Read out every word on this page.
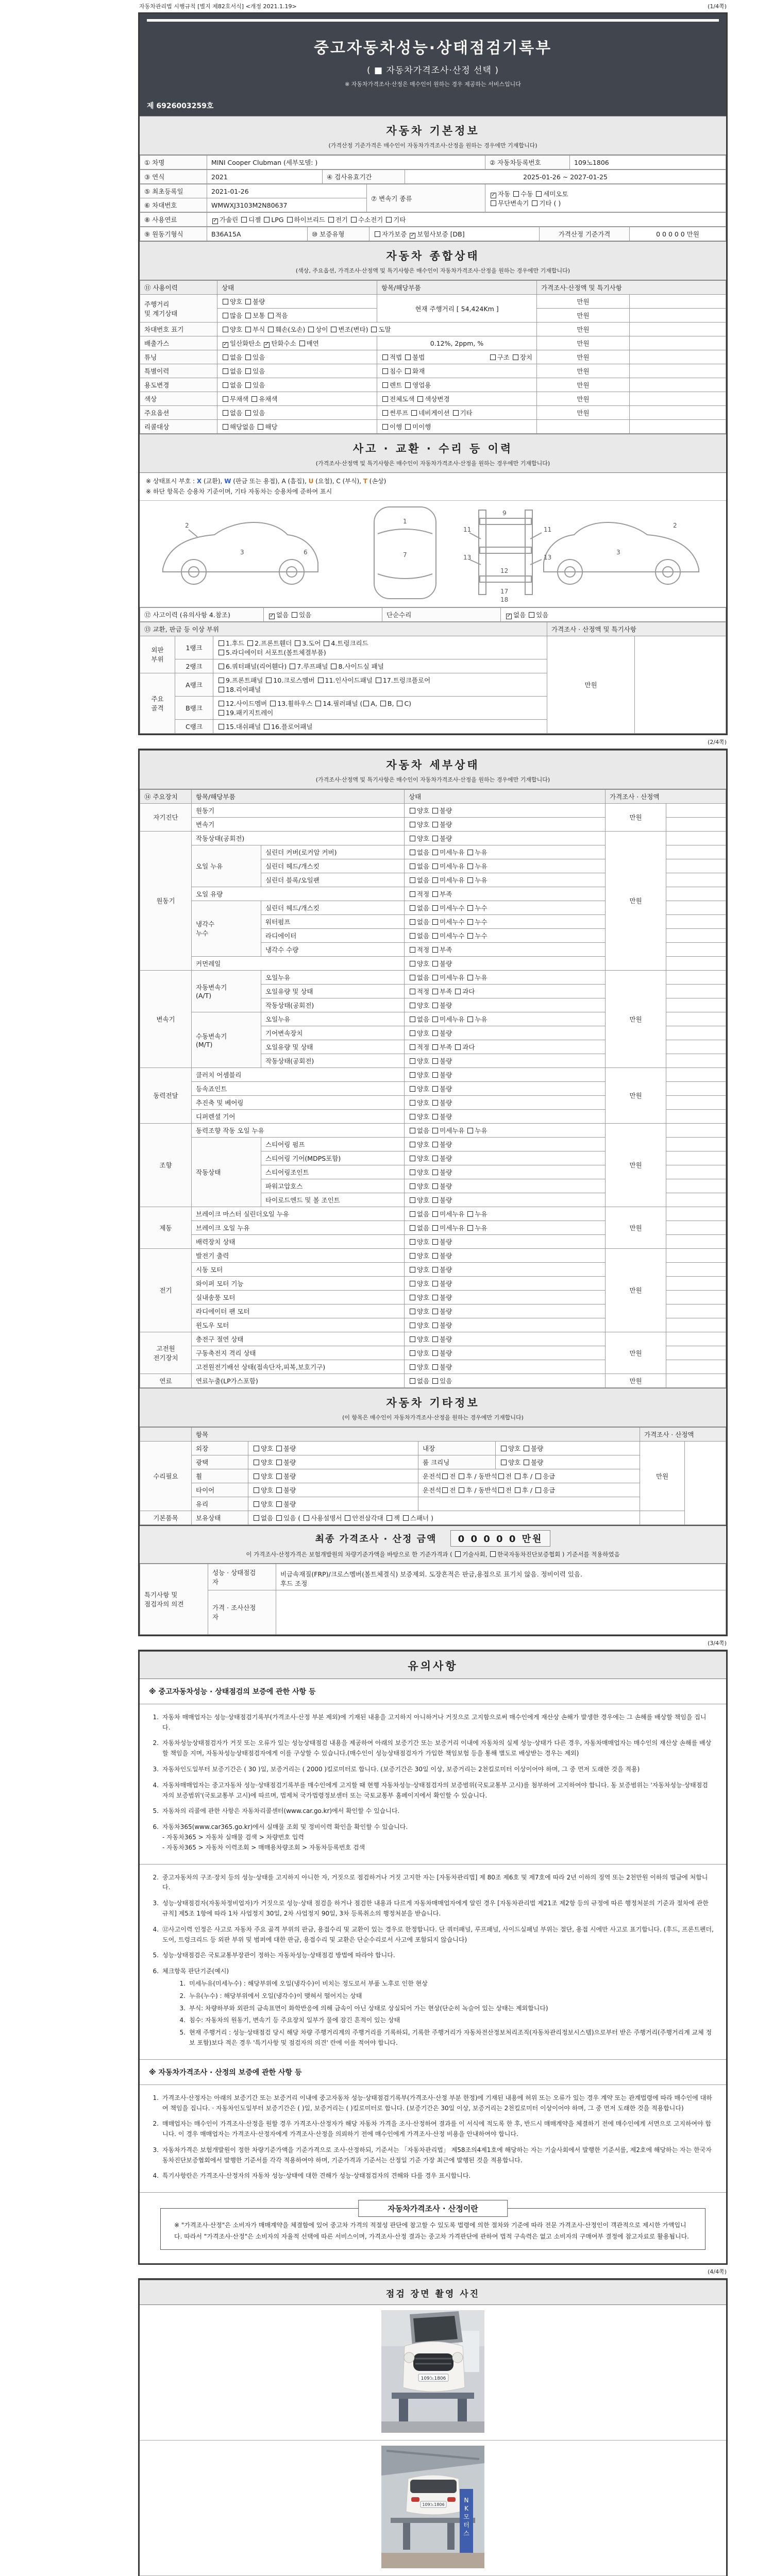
자동차관리법 시행규칙 [별지 제82호서식] <개정 2021.1.19>	(1/4쪽)
중고자동차성능·상태점검기록부
( ■ 자동차가격조사·산정 선택 )
※ 자동차가격조사·산정은 매수인이 원하는 경우 제공하는 서비스입니다
제 6926003259호
자동차 기본정보
(가격산정 기준가격은 매수인이 자동차가격조사·산정을 원하는 경우에만 기재합니다)
① 차명	MINI Cooper Clubman (세부모델: )	② 자동차등록번호	109노1806
③ 연식	2021	④ 검사유효기간	2025-01-26 ~ 2027-01-25
⑤ 최초등록일	2021-01-26	⑦ 변속기 종류	✓자동 수동 세미오토
무단변속기 기타 ( )
⑥ 차대번호	WMWXJ3103M2N80637		
⑧ 사용연료	✓가솔린 디젤 LPG 하이브리드 전기 수소전기 기타
⑨ 원동기형식	B36A15A	⑩ 보증유형	자가보증 ✓보험사보증 [DB]	가격산정 기준가격	0 0 0 0 0 만원
자동차 종합상태
(색상, 주요옵션, 가격조사·산정액 및 특기사항은 매수인이 자동차가격조사·산정을 원하는 경우에만 기재합니다)
⑪ 사용이력	상태	항목/해당부품	가격조사·산정액 및 특기사항	
주행거리
및 계기상태	양호 불량	현재 주행거리 [ 54,424Km ]	만원	
	많음 보통 적음		만원	
차대번호 표기	양호 부식 훼손(오손) 상이 변조(변타) 도말		만원	
배출가스	✓일산화탄소 ✓탄화수소 매연	0.12%, 2ppm, %	만원	
튜닝	없음 있음	적법 불법 구조 장치	만원	
특별이력	없음 있음	침수 화재	만원	
용도변경	없음 있음	렌트 영업용	만원	
색상	무채색 유채색	전체도색 색상변경	만원	
주요옵션	없음 있음	썬루프 네비게이션 기타	만원	
리콜대상	해당없음 해당	이행 미이행		
사고 · 교환 · 수리 등 이력
(가격조사·산정액 및 특기사항은 매수인이 자동차가격조사·산정을 원하는 경우에만 기재합니다)
※ 상태표시 부호 : X (교환), W (판금 또는 용접), A (흠집), U (요철), C (부식), T (손상)
※ 하단 항목은 승용차 기준이며, 기타 자동차는 승용차에 준하여 표시
2
3	6
1
7
9
11	11
13	13
12
17
18
2
3
⑫ 사고이력 (유의사항 4.참조)	✓없음 있음	단순수리	✓없음 있음
⑬ 교환, 판금 등 이상 부위			가격조사 · 산정액 및 특기사항	
외판
부위	1랭크	1.후드 2.프론트휀더 3.도어 4.트렁크리드
5.라디에이터 서포트(볼트체결부품)	만원	
	2랭크	6.쿼터패널(리어휀다) 7.루프패널 8.사이드실 패널		
주요
골격	A랭크	9.프론트패널 10.크로스멤버 11.인사이드패널 17.트렁크플로어
18.리어패널		
	B랭크	12.사이드멤버 13.휠하우스 14.필러패널 ( A, B, C)
19.패키지트레이		
	C랭크	15.대쉬패널 16.플로어패널		
(2/4쪽)
자동차 세부상태
(가격조사·산정액 및 특기사항은 매수인이 자동차가격조사·산정을 원하는 경우에만 기재합니다)
⑭ 주요장치	항목/해당부품		상태	가격조사 · 산정액	
자기진단	원동기		양호 불량	만원	
	변속기		양호 불량		
원동기	작동상태(공회전)		양호 불량	만원	
	오일 누유	실린더 커버(로커암 커버)	없음 미세누유 누유		
		실린더 헤드/개스킷	없음 미세누유 누유		
		실린더 블록/오일팬	없음 미세누유 누유		
	오일 유량		적정 부족		
	냉각수
누수	실린더 헤드/개스킷	없음 미세누수 누수		
		워터펌프	없음 미세누수 누수		
		라디에이터	없음 미세누수 누수		
		냉각수 수량	적정 부족		
	커먼레일		양호 불량		
변속기	자동변속기
(A/T)	오일누유	없음 미세누유 누유	만원	
		오일유량 및 상태	적정 부족 과다		
		작동상태(공회전)	양호 불량		
	수동변속기
(M/T)	오일누유	없음 미세누유 누유		
		기어변속장치	양호 불량		
		오일유량 및 상태	적정 부족 과다		
		작동상태(공회전)	양호 불량		
동력전달	클러치 어셈블리		양호 불량	만원	
	등속죠인트		양호 불량		
	추진축 및 베어링		양호 불량		
	디퍼렌셜 기어		양호 불량		
조향	동력조향 작동 오일 누유		없음 미세누유 누유	만원	
	작동상태	스티어링 펌프	양호 불량		
		스티어링 기어(MDPS포함)	양호 불량		
		스티어링조인트	양호 불량		
		파워고압호스	양호 불량		
		타이로드엔드 및 볼 조인트	양호 불량		
제동	브레이크 마스터 실린더오일 누유		없음 미세누유 누유	만원	
	브레이크 오일 누유		없음 미세누유 누유		
	배력장치 상태		양호 불량		
전기	발전기 출력		양호 불량	만원	
	시동 모터		양호 불량		
	와이퍼 모터 기능		양호 불량		
	실내송풍 모터		양호 불량		
	라디에이터 팬 모터		양호 불량		
	윈도우 모터		양호 불량		
고전원
전기장치	충전구 절연 상태		양호 불량	만원	
	구동축전지 격리 상태		양호 불량		
	고전원전기배선 상태(접속단자,피복,보호기구)		양호 불량		
연료	연료누출(LP가스포함)		없음 있음	만원	
자동차 기타정보
(이 항목은 매수인이 자동차가격조사·산정을 원하는 경우에만 기재합니다)
	항목				가격조사 · 산정액	
수리필요	외장	양호 불량	내장	양호 불량	만원	
	광택	양호 불량	룸 크리닝	양호 불량		
	휠	양호 불량	운전석 전 후 / 동반석 전 후 / 응급			
	타이어	양호 불량	운전석 전 후 / 동반석 전 후 / 응급			
	유리	양호 불량				
기본품목	보유상태	없음 있음 ( 사용설명서 안전삼각대 잭 스패너 )				
최종 가격조사 · 산정 금액 0 0 0 0 0 만원
이 가격조사·산정가격은 보험개발원의 차량기준가액을 바탕으로 한 기준가격과 ( 기술사회, 한국자동차진단보증협회 ) 기준서를 적용하였음
특기사항 및
점검자의 의견	성능 · 상태점검
자	비금속재질(FRP)/크로스멤버(볼트체결식) 보증제외. 도장흔적은 판금,용접으로 표기치 않음. 정비이력 있음.
후드 조정
	가격 · 조사산정
자	
(3/4쪽)
유의사항
※ 중고자동차성능 · 상태점검의 보증에 관한 사항 등
1. 자동차 매매업자는 성능·상태점검기록부(가격조사·산정 부분 제외)에 기재된 내용을 고지하지 아니하거나 거짓으로 고지함으로써 매수인에게 재산상 손해가 발생한 경우에는 그 손해를 배상할 책임을 집니다.
2. 자동차성능상태점검자가 거짓 또는 오류가 있는 성능상태점검 내용을 제공하여 아래의 보증기간 또는 보증거리 이내에 자동차의 실제 성능·상태가 다른 경우, 자동차매매업자는 매수인의 재산상 손해를 배상할 책임을 지며, 자동차성능상태점검자에게 이를 구상할 수 있습니다.(매수인이 성능상태점검자가 가입한 책임보험 등을 통해 별도로 배상받는 경우는 제외)
3. 자동차인도일부터 보증기간은 ( 30 )일, 보증거리는 ( 2000 )킬로미터로 합니다. (보증기간은 30일 이상, 보증거리는 2천킬로미터 이상이어야 하며, 그 중 먼저 도래한 것을 적용)
4. 자동차매매업자는 중고자동차 성능·상태점검기록부를 매수인에게 고지할 때 현행 자동차성능·상태점검자의 보증범위(국토교통부 고시)를 첨부하여 고지하여야 합니다. 동 보증범위는 '자동차성능·상태점검자의 보증범위'(국토교통부 고시)에 따르며, 법제처 국가법령정보센터 또는 국토교통부 홈페이지에서 확인할 수 있습니다.
5. 자동차의 리콜에 관한 사항은 자동차리콜센터(www.car.go.kr)에서 확인할 수 있습니다.
6. 자동차365(www.car365.go.kr)에서 실매물 조회 및 정비이력 확인을 확인할 수 있습니다.
- 자동차365 > 자동차 실매물 검색 > 차량번호 입력
- 자동차365 > 자동차 이력조회 > 매매용차량조회 > 자동차등록번호 검색
2. 중고자동차의 구조·장치 등의 성능·상태를 고지하지 아니한 자, 거짓으로 점검하거나 거짓 고지한 자는 [자동차관리법] 제 80조 제6호 및 제7호에 따라 2년 이하의 징역 또는 2천만원 이하의 벌금에 처합니다.
3. 성능·상태점검자(자동차정비업자)가 거짓으로 성능·상태 점검을 하거나 점검한 내용과 다르게 자동차매매업자에게 알린 경우 [자동차관리법 제21조 제2항 등의 규정에 따른 행정처분의 기준과 절차에 관한 규칙] 제5조 1항에 따라 1차 사업정지 30일, 2차 사업정지 90일, 3차 등록취소의 행정처분을 받습니다.
4. ⑫사고이력 인정은 사고로 자동차 주요 골격 부위의 판금, 용접수리 및 교환이 있는 경우로 한정합니다. 단 쿼터패널, 루프패널, 사이드실패널 부위는 절단, 용접 시에만 사고로 표기합니다. (후드, 프론트펜더, 도어, 트렁크리드 등 외판 부위 및 범퍼에 대한 판금, 용접수리 및 교환은 단순수리로서 사고에 포함되지 않습니다)
5. 성능·상태점검은 국토교통부장관이 정하는 자동차성능·상태점검 방법에 따라야 합니다.
6. 체크항목 판단기준(예시)
1. 미세누유(미세누수) : 해당부위에 오일(냉각수)이 비치는 정도로서 부품 노후로 인한 현상
2. 누유(누수) : 해당부위에서 오일(냉각수)이 맺혀서 떨어지는 상태
3. 부식: 차량하부와 외판의 금속표면이 화학반응에 의해 금속이 아닌 상태로 상실되어 가는 현상(단순히 녹슬어 있는 상태는 제외합니다)
4. 침수: 자동차의 원동기, 변속기 등 주요장치 일부가 물에 잠긴 흔적이 있는 상태
5. 현재 주행거리 : 성능·상태점검 당시 해당 차량 주행거리계의 주행거리를 기록하되, 기록한 주행거리가 자동차전산정보처리조직(자동차관리정보시스템)으로부터 받은 주행거리(주행거리계 교체 정보 포함)보다 적은 경우 '특기사항 및 점검자의 의견' 란에 이를 적어야 합니다.
※ 자동차가격조사 · 산정의 보증에 관한 사항 등
1. 가격조사·산정자는 아래의 보증기간 또는 보증거리 이내에 중고자동차 성능·상태점검기록부(가격조사·산정 부분 한정)에 기재된 내용에 허위 또는 오류가 있는 경우 계약 또는 관계법령에 따라 매수인에 대하여 책임을 집니다. · 자동차인도일부터 보증기간은 ( )일, 보증거리는 ( )킬로미터로 합니다. (보증기간은 30일 이상, 보증거리는 2천킬로미터 이상이어야 하며, 그 중 먼저 도래한 것을 적용합니다)
2. 매매업자는 매수인이 가격조사·산정을 원할 경우 가격조사·산정자가 해당 자동차 가격을 조사·산정하여 결과를 이 서식에 적도록 한 후, 반드시 매매계약을 체결하기 전에 매수인에게 서면으로 고지하여야 합니다. 이 경우 매매업자는 가격조사·산정자에게 가격조사·산정을 의뢰하기 전에 매수인에게 가격조사·산정 비용을 안내하여야 합니다.
3. 자동차가격은 보험개발원이 정한 차량기준가액을 기준가격으로 조사·산정하되, 기준서는 「자동차관리법」 제58조의4제1호에 해당하는 자는 기술사회에서 발행한 기준서를, 제2호에 해당하는 자는 한국자동차진단보증협회에서 발행한 기준서를 각각 적용하여야 하며, 기준가격과 기준서는 산정일 기준 가장 최근에 발행된 것을 적용합니다.
4. 특기사항란은 가격조사·산정자의 자동차 성능·상태에 대한 견해가 성능·상태점검자의 견해와 다를 경우 표시합니다.
자동차가격조사 · 산정이란
※ "가격조사·산정"은 소비자가 매매계약을 체결함에 있어 중고차 가격의 적절성 판단에 참고할 수 있도록 법령에 의한 절차와 기준에 따라 전문 가격조사·산정인이 객관적으로 제시한 가액입니다. 따라서 "가격조사·산정"은 소비자의 자율적 선택에 따른 서비스이며, 가격조사·산정 결과는 중고차 가격판단에 관하여 법적 구속력은 없고 소비자의 구매여부 결정에 참고자료로 활용됩니다.
(4/4쪽)
점검 장면 촬영 사진
109노1806
109노1806
N K 모 터 스
